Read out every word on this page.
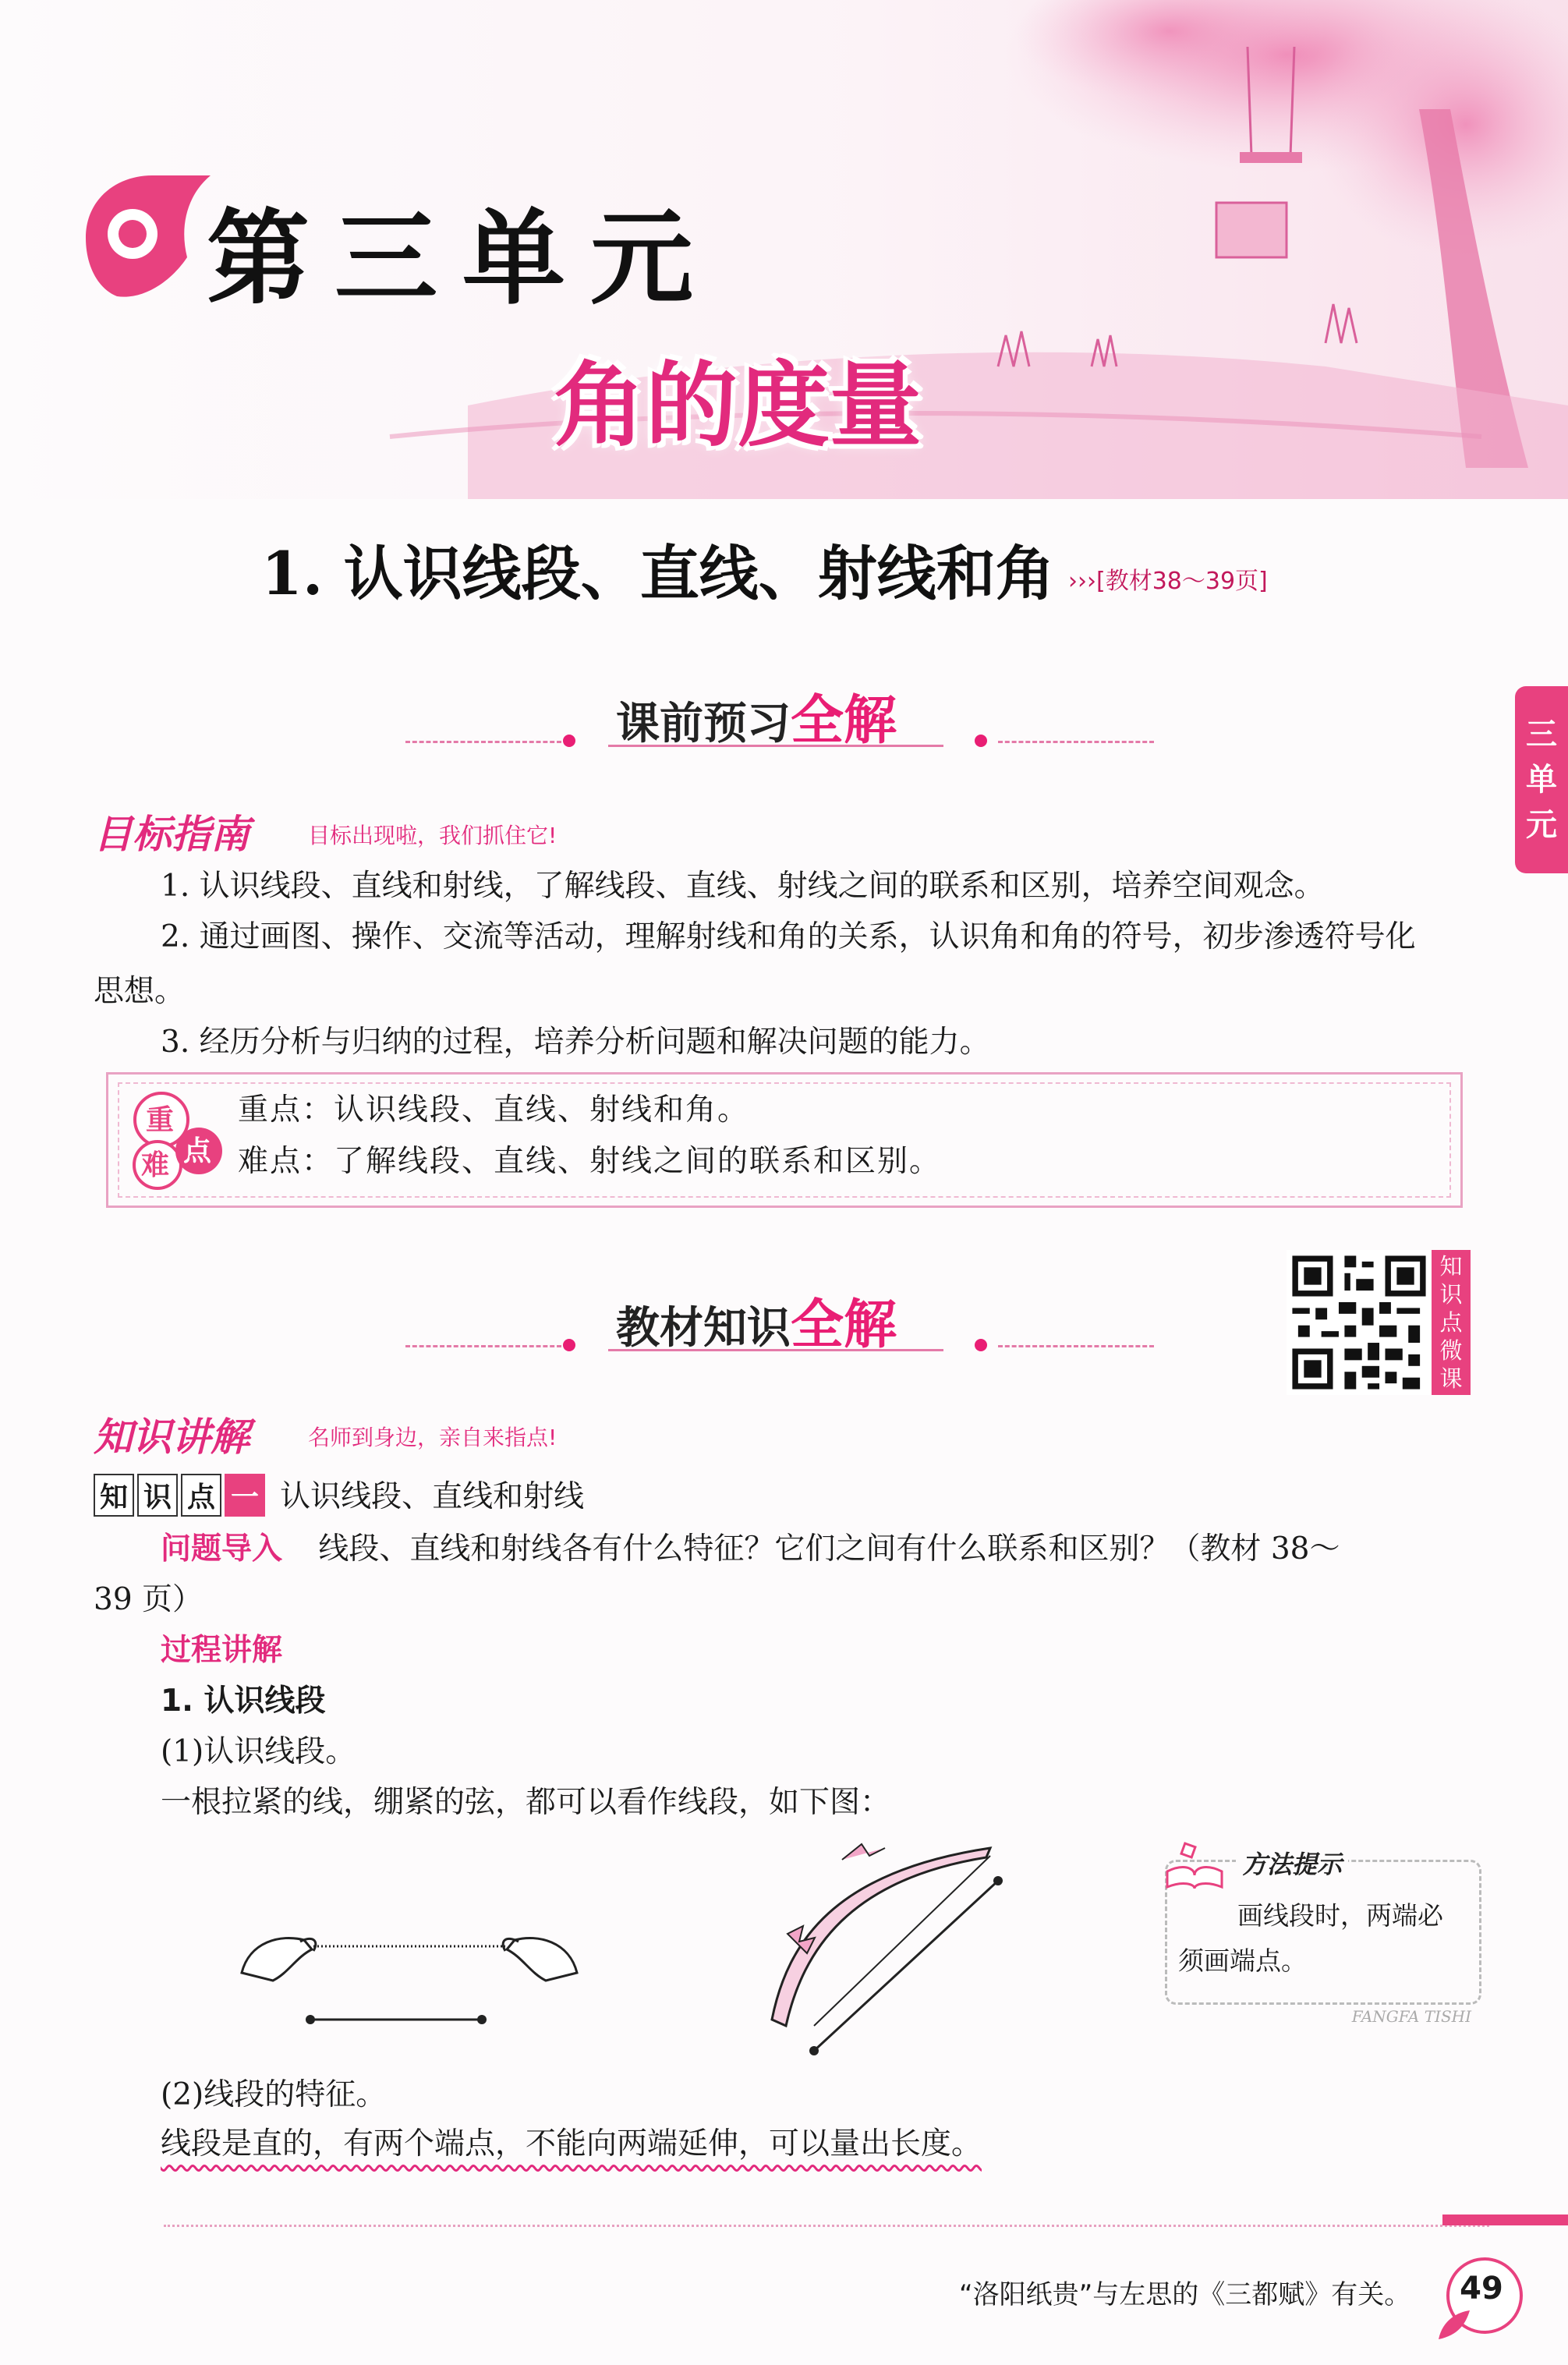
第三单元
角的度量
1. 认识线段、直线、射线和角 ›››[教材38～39页]
三
单
元
课前预习全解
目标指南	目标出现啦，我们抓住它!
1. 认识线段、直线和射线，了解线段、直线、射线之间的联系和区别，培养空间观念。
2. 通过画图、操作、交流等活动，理解射线和角的关系，认识角和角的符号，初步渗透符号化
思想。
3. 经历分析与归纳的过程，培养分析问题和解决问题的能力。
重
难 点
重点：认识线段、直线、射线和角。
难点：了解线段、直线、射线之间的联系和区别。
教材知识全解
知
识
点
微
课
知识讲解	名师到身边，亲自来指点!
知 识 点 一 认识线段、直线和射线
问题导入 线段、直线和射线各有什么特征？它们之间有什么联系和区别？（教材 38～
39 页）
过程讲解
1. 认识线段
(1)认识线段。
一根拉紧的线，绷紧的弦，都可以看作线段，如下图：
方法提示
画线段时，两端必
须画端点。
FANGFA TISHI
(2)线段的特征。
线段是直的，有两个端点，不能向两端延伸，可以量出长度。
“洛阳纸贵”与左思的《三都赋》有关。 49
